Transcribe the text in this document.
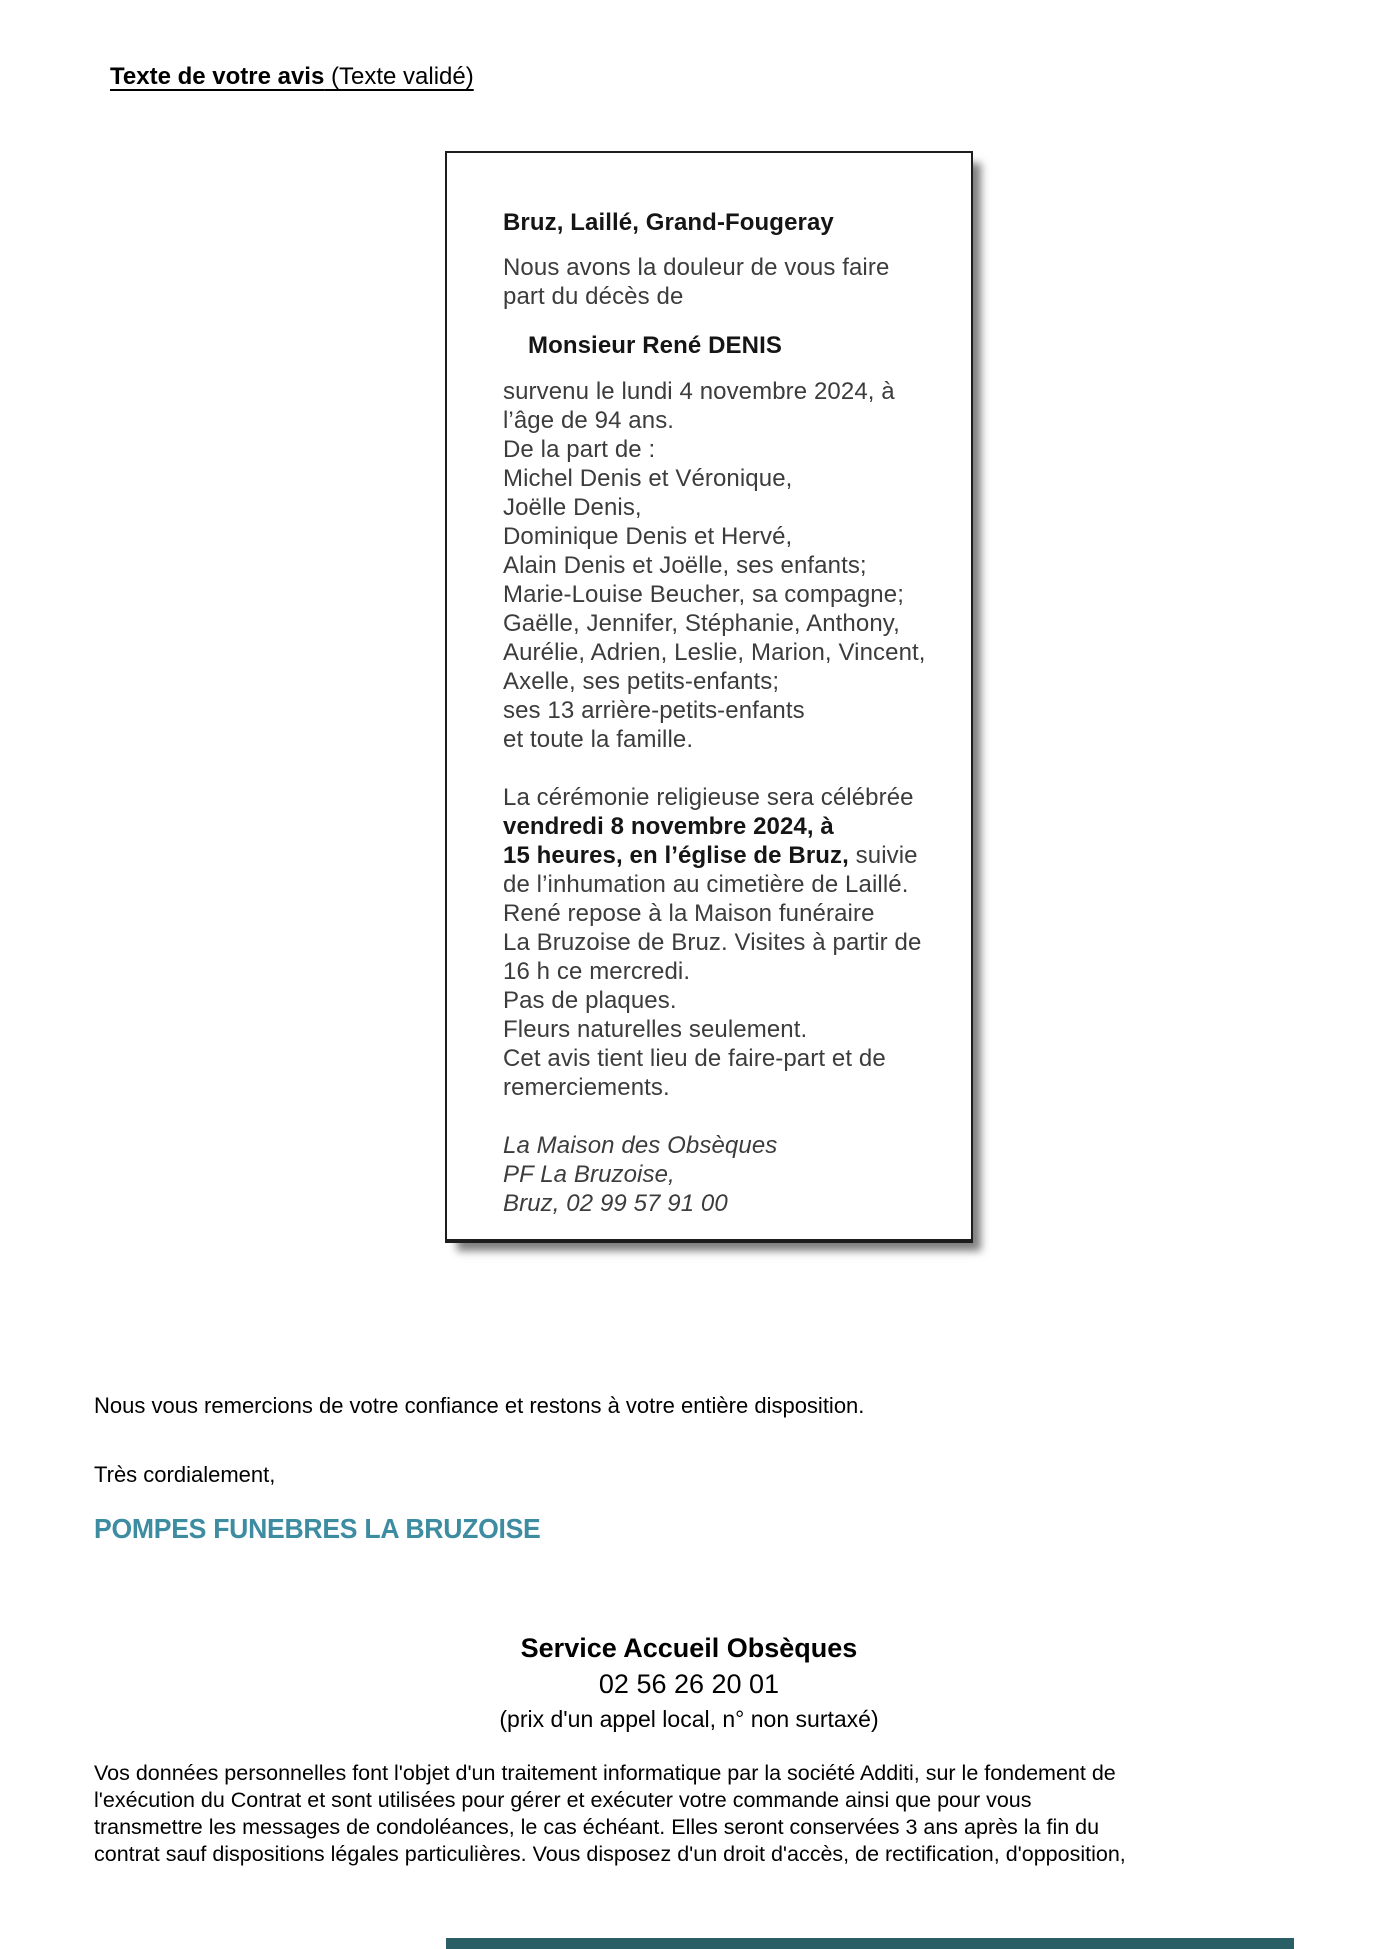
Texte de votre avis (Texte validé)
Bruz, Laillé, Grand-Fougeray
Nous avons la douleur de vous faire
part du décès de
Monsieur René DENIS
survenu le lundi 4 novembre 2024, à
l’âge de 94 ans.
De la part de :
Michel Denis et Véronique,
Joëlle Denis,
Dominique Denis et Hervé,
Alain Denis et Joëlle, ses enfants;
Marie-Louise Beucher, sa compagne;
Gaëlle, Jennifer, Stéphanie, Anthony,
Aurélie, Adrien, Leslie, Marion, Vincent,
Axelle, ses petits-enfants;
ses 13 arrière-petits-enfants
et toute la famille.
La cérémonie religieuse sera célébrée
vendredi 8 novembre 2024, à
15 heures, en l’église de Bruz, suivie
de l’inhumation au cimetière de Laillé.
René repose à la Maison funéraire
La Bruzoise de Bruz. Visites à partir de
16 h ce mercredi.
Pas de plaques.
Fleurs naturelles seulement.
Cet avis tient lieu de faire-part et de
remerciements.
La Maison des Obsèques
PF La Bruzoise,
Bruz, 02 99 57 91 00
Nous vous remercions de votre confiance et restons à votre entière disposition.
Très cordialement,
POMPES FUNEBRES LA BRUZOISE
Service Accueil Obsèques
02 56 26 20 01
(prix d'un appel local, n° non surtaxé)
Vos données personnelles font l'objet d'un traitement informatique par la société Additi, sur le fondement de
l'exécution du Contrat et sont utilisées pour gérer et exécuter votre commande ainsi que pour vous
transmettre les messages de condoléances, le cas échéant. Elles seront conservées 3 ans après la fin du
contrat sauf dispositions légales particulières. Vous disposez d'un droit d'accès, de rectification, d'opposition,
